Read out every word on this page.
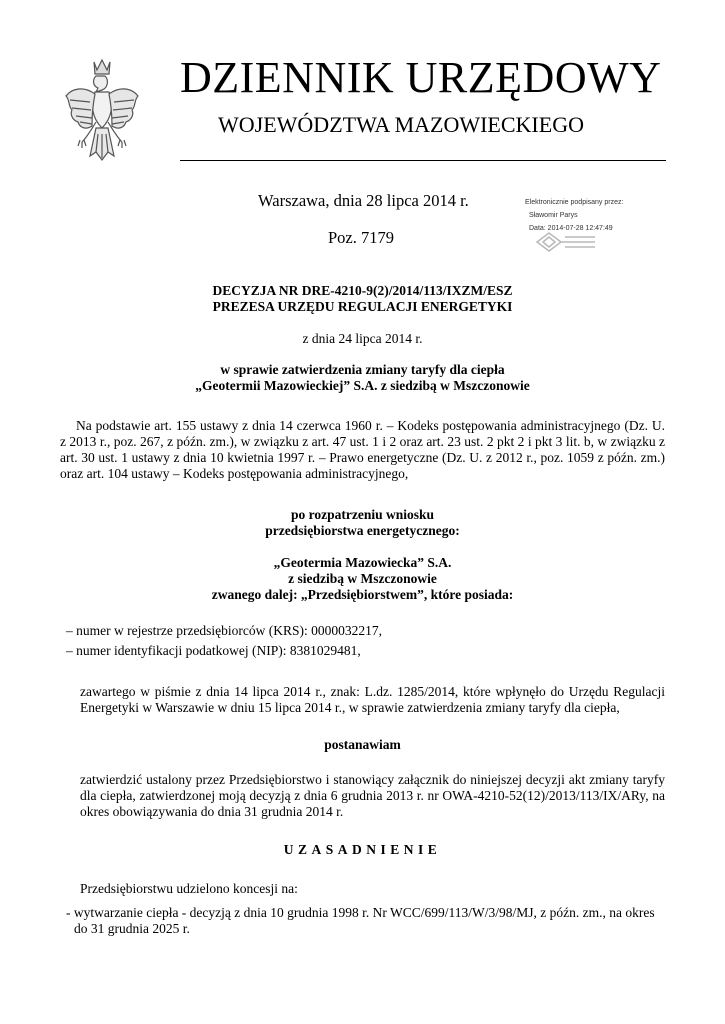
DZIENNIK URZĘDOWY
WOJEWÓDZTWA MAZOWIECKIEGO
Warszawa, dnia 28 lipca 2014 r.
Poz. 7179
Elektronicznie podpisany przez:
Sławomir Parys
Data: 2014-07-28 12:47:49
DECYZJA NR DRE-4210-9(2)/2014/113/IXZM/ESZ
PREZESA URZĘDU REGULACJI ENERGETYKI
z dnia 24 lipca 2014 r.
w sprawie zatwierdzenia zmiany taryfy dla ciepła
„Geotermii Mazowieckiej” S.A. z siedzibą w Mszczonowie
Na podstawie art. 155 ustawy z dnia 14 czerwca 1960 r. – Kodeks postępowania administracyjnego (Dz. U. z 2013 r., poz. 267, z późn. zm.), w związku z art. 47 ust. 1 i 2 oraz art. 23 ust. 2 pkt 2 i pkt 3 lit. b, w związku z art. 30 ust. 1 ustawy z dnia 10 kwietnia 1997 r. – Prawo energetyczne (Dz. U. z 2012 r., poz. 1059 z późn. zm.) oraz art. 104 ustawy – Kodeks postępowania administracyjnego,
po rozpatrzeniu wniosku
przedsiębiorstwa energetycznego:
„Geotermia Mazowiecka” S.A.
z siedzibą w Mszczonowie
zwanego dalej: „Przedsiębiorstwem”, które posiada:
– numer w rejestrze przedsiębiorców (KRS): 0000032217,
– numer identyfikacji podatkowej (NIP): 8381029481,
zawartego w piśmie z dnia 14 lipca 2014 r., znak: L.dz. 1285/2014, które wpłynęło do Urzędu Regulacji Energetyki w Warszawie w dniu 15 lipca 2014 r., w sprawie zatwierdzenia zmiany taryfy dla ciepła,
postanawiam
zatwierdzić ustalony przez Przedsiębiorstwo i stanowiący załącznik do niniejszej decyzji akt zmiany taryfy dla ciepła, zatwierdzonej moją decyzją z dnia 6 grudnia 2013 r. nr OWA-4210-52(12)/2013/113/IX/ARy, na okres obowiązywania do dnia 31 grudnia 2014 r.
UZASADNIENIE
Przedsiębiorstwu udzielono koncesji na:
- wytwarzanie ciepła - decyzją z dnia 10 grudnia 1998 r. Nr WCC/699/113/W/3/98/MJ, z późn. zm., na okres
do 31 grudnia 2025 r.
